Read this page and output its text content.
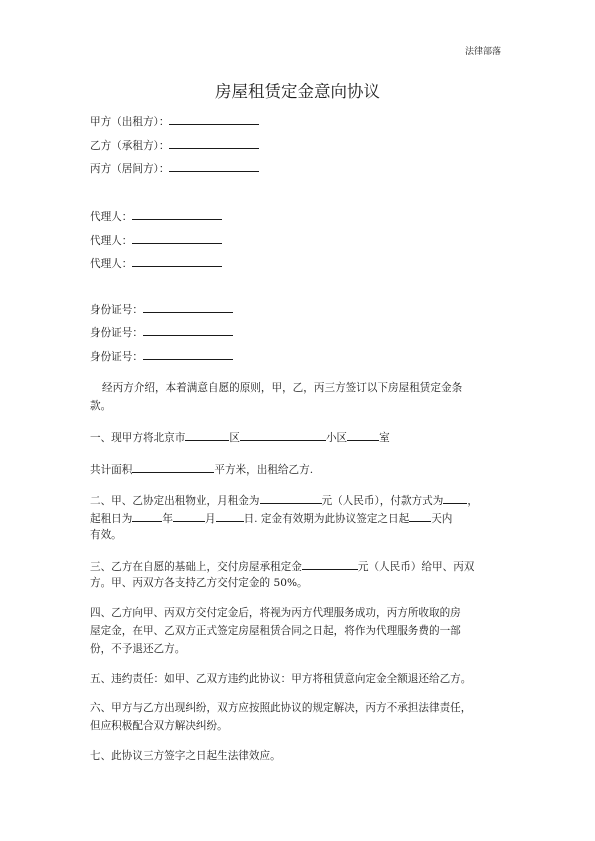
法律部落
房屋租赁定金意向协议
甲方（出租方）：
乙方（承租方）：
丙方（居间方）：
代理人：
代理人：
代理人：
身份证号：
身份证号：
身份证号：
经丙方介绍，本着满意自愿的原则，甲，乙，丙三方签订以下房屋租赁定金条
款。
一、现甲方将北京市	区	小区	室
共计面积	平方米，出租给乙方.
二、甲、乙协定出租物业，月租金为	元（人民币），付款方式为 ，
起租日为	年	月	日. 定金有效期为此协议签定之日起 天内
有效。
三、乙方在自愿的基础上，交付房屋承租定金	元（人民币）给甲、丙双
方。甲、丙双方各支持乙方交付定金的 50%。
四、乙方向甲、丙双方交付定金后，将视为丙方代理服务成功，丙方所收取的房
屋定金，在甲、乙双方正式签定房屋租赁合同之日起，将作为代理服务费的一部
份，不予退还乙方。
五、违约责任：如甲、乙双方违约此协议：甲方将租赁意向定金全额退还给乙方。
六、甲方与乙方出现纠纷，双方应按照此协议的规定解决，丙方不承担法律责任，
但应积极配合双方解决纠纷。
七、此协议三方签字之日起生法律效应。
